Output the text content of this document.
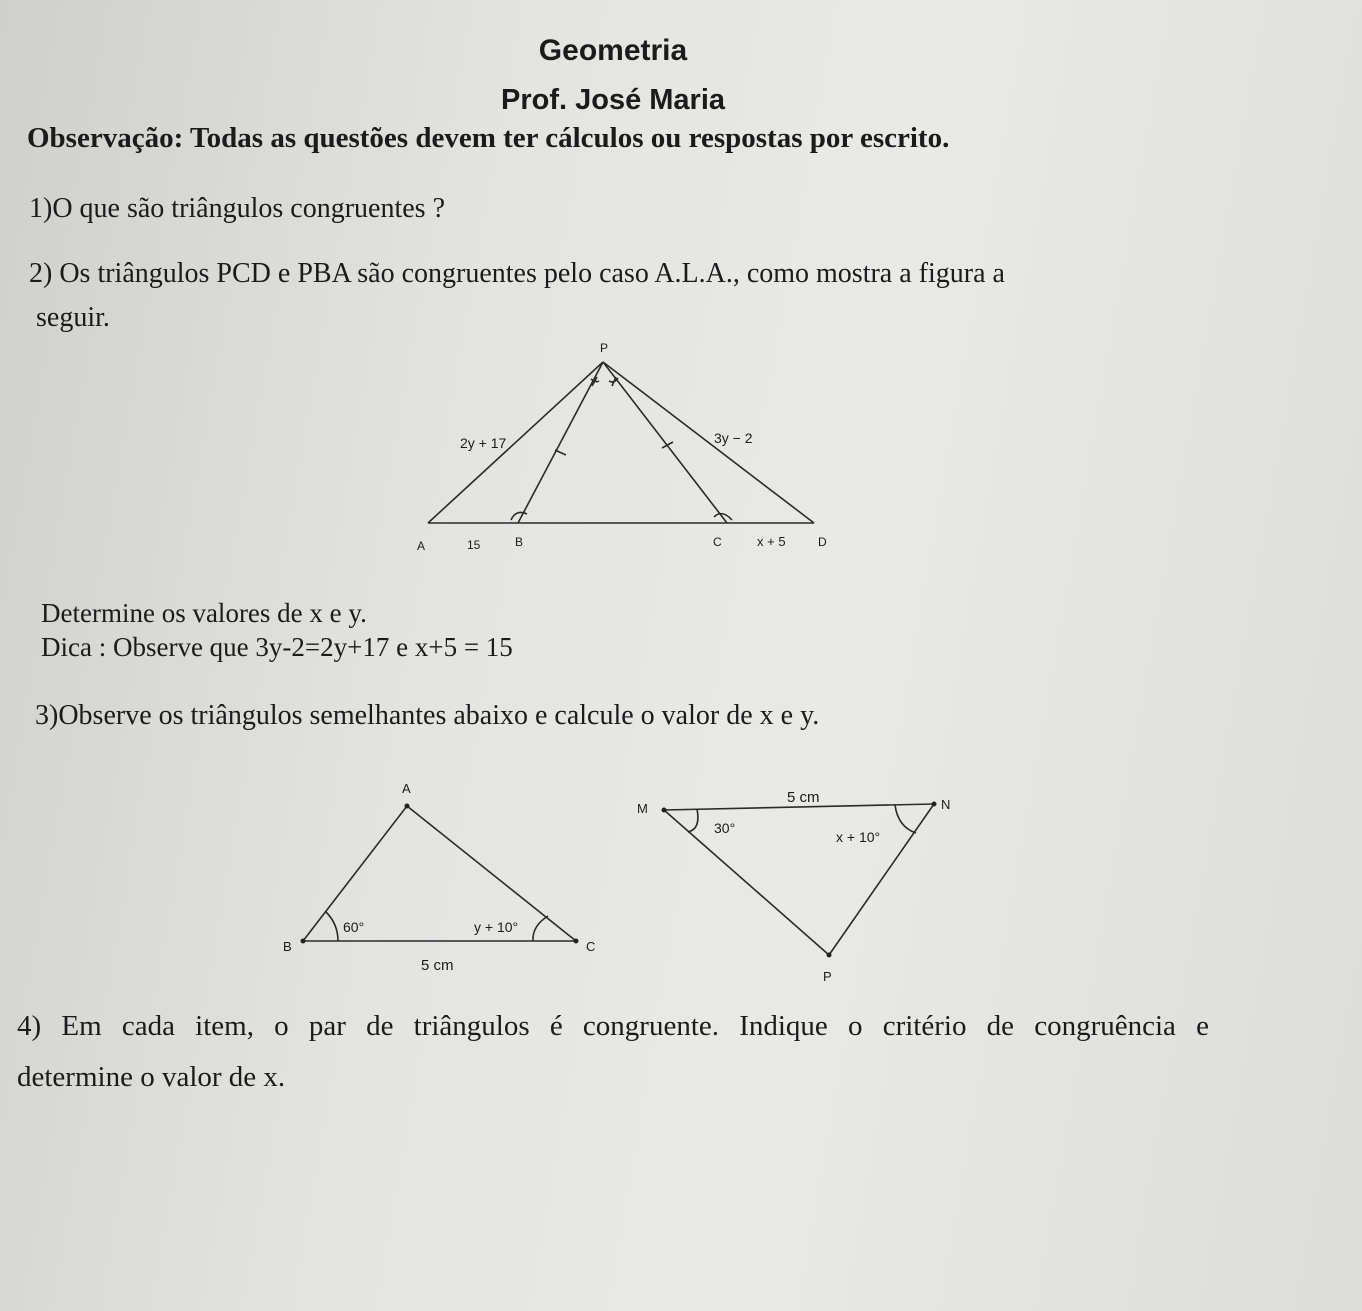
Geometria
Prof. José Maria
Observação: Todas as questões devem ter cálculos ou respostas por escrito.
1)O que são triângulos congruentes ?
2) Os triângulos PCD e PBA são congruentes pelo caso A.L.A., como mostra a figura a
seguir.
Determine os valores de x e y.
Dica : Observe que 3y-2=2y+17 e x+5 = 15
3)Observe os triângulos semelhantes abaixo e calcule o valor de x e y.
4) Em cada item, o par de triângulos é congruente. Indique o critério de congruência e
determine o valor de x.
P
2y + 17	3y − 2
A	15	B	C	x + 5	D
A
B	C
60°	y + 10°
5 cm
M	N
P
5 cm
30°
x + 10°
